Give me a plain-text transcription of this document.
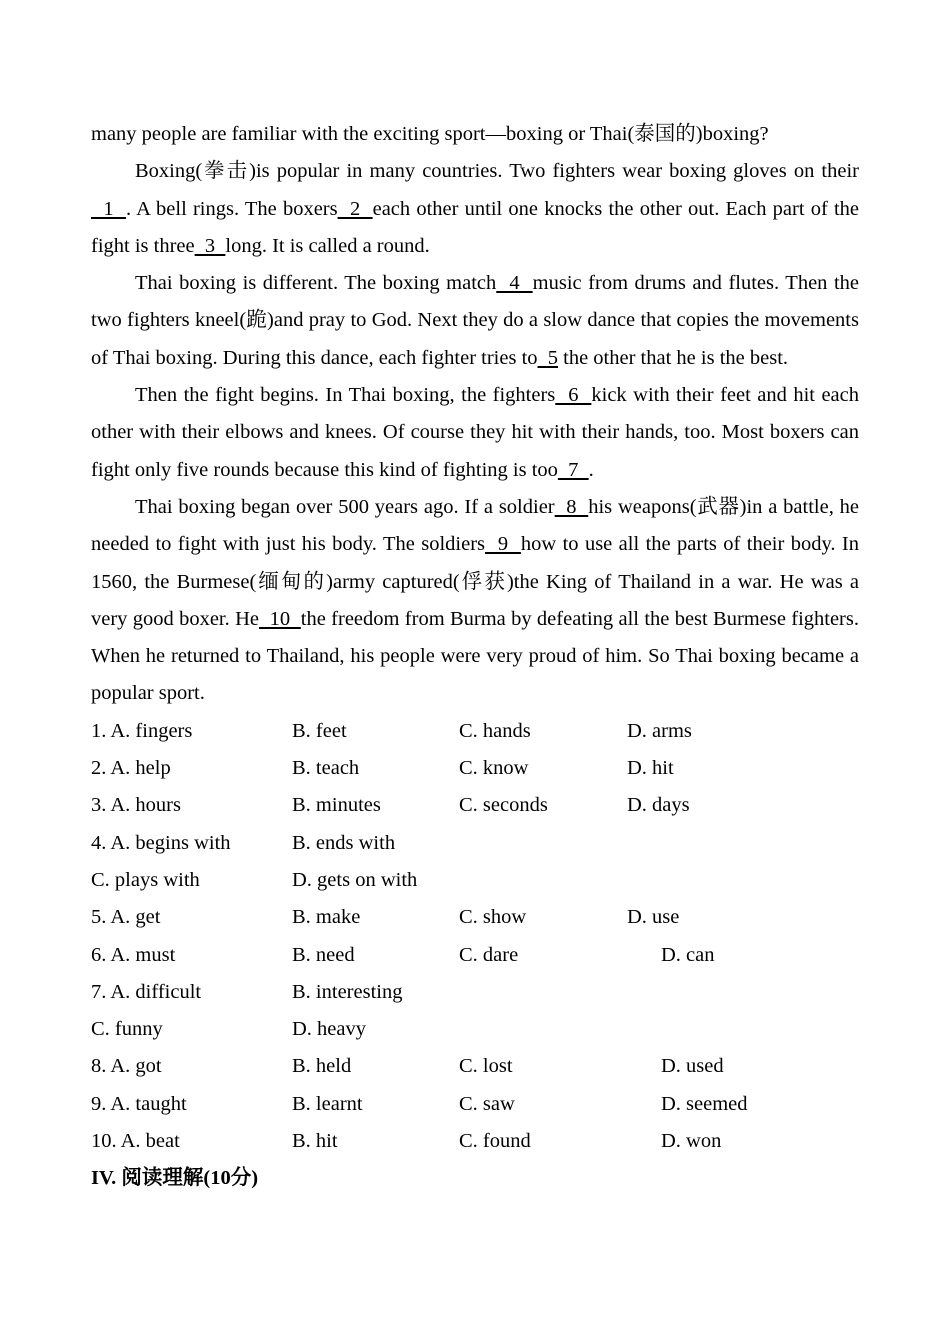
many people are familiar with the exciting sport—boxing or Thai(泰国的)boxing?
Boxing(拳击)is popular in many countries. Two fighters wear boxing gloves on their  1  . A bell rings. The boxers  2  each other until one knocks the other out. Each part of the fight is three  3  long. It is called a round.
Thai boxing is different. The boxing match  4  music from drums and flutes. Then the two fighters kneel(跪)and pray to God. Next they do a slow dance that copies the movements of Thai boxing. During this dance, each fighter tries to  5 the other that he is the best.
Then the fight begins. In Thai boxing, the fighters  6  kick with their feet and hit each other with their elbows and knees. Of course they hit with their hands, too. Most boxers can fight only five rounds because this kind of fighting is too  7  .
Thai boxing began over 500 years ago. If a soldier  8  his weapons(武器)in a battle, he needed to fight with just his body. The soldiers  9  how to use all the parts of their body. In 1560, the Burmese(缅甸的)army captured(俘获)the King of Thailand in a war. He was a very good boxer. He  10  the freedom from Burma by defeating all the best Burmese fighters. When he returned to Thailand, his people were very proud of him. So Thai boxing became a popular sport.
1. A. fingers	B. feet	C. hands	D. arms
2. A. help	B. teach	C. know	D. hit
3. A. hours	B. minutes	C. seconds	D. days
4. A. begins with	B. ends with
C. plays with	D. gets on with
5. A. get	B. make	C. show	D. use
6. A. must	B. need	C. dare	D. can
7. A. difficult	B. interesting
C. funny	D. heavy
8. A. got	B. held	C. lost	D. used
9. A. taught	B. learnt	C. saw	D. seemed
10. A. beat	B. hit	C. found	D. won
IV. 阅读理解(10分)
